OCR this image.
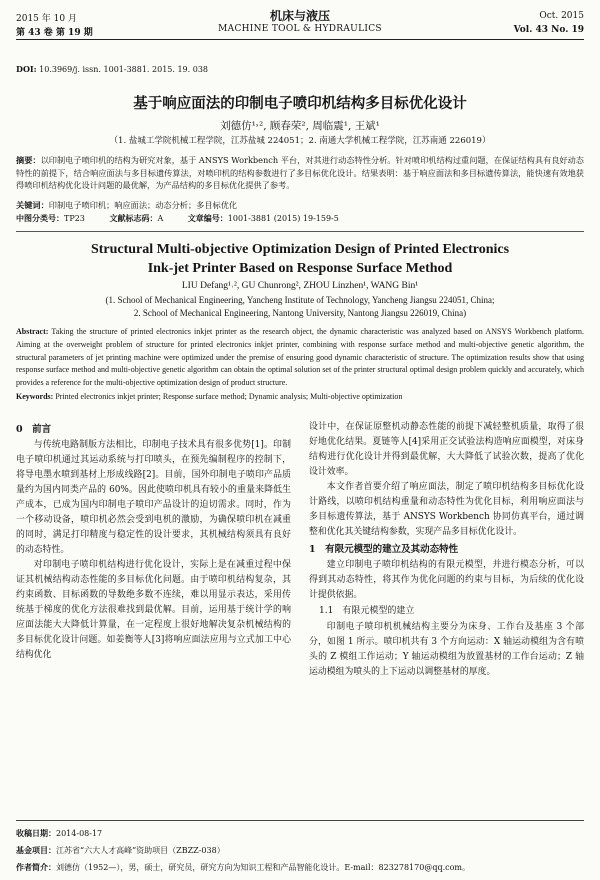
2015 年 10 月
第 43 卷 第 19 期
机床与液压
MACHINE TOOL & HYDRAULICS
Oct. 2015
Vol. 43 No. 19
DOI: 10.3969/j. issn. 1001-3881. 2015. 19. 038
基于响应面法的印制电子喷印机结构多目标优化设计
刘德仿¹˒², 顾春荣², 周临震¹, 王斌¹
（1. 盐城工学院机械工程学院，江苏盐城 224051；2. 南通大学机械工程学院，江苏南通 226019）
摘要：以印制电子喷印机的结构为研究对象，基于 ANSYS Workbench 平台，对其进行动态特性分析。针对喷印机结构过重问题，在保证结构具有良好动态特性的前提下，结合响应面法与多目标遗传算法，对喷印机的结构参数进行了多目标优化设计。结果表明：基于响应面法和多目标遗传算法，能快速有效地获得喷印机结构优化设计问题的最优解，为产品结构的多目标优化提供了参考。
关键词：印制电子喷印机；响应面法；动态分析；多目标优化
中图分类号：TP23	文献标志码：A	文章编号：1001-3881 (2015) 19-159-5
Structural Multi-objective Optimization Design of Printed Electronics
Ink-jet Printer Based on Response Surface Method
LIU Defang¹˒², GU Chunrong², ZHOU Linzhen¹, WANG Bin¹
(1. School of Mechanical Engineering, Yancheng Institute of Technology, Yancheng Jiangsu 224051, China;
2. School of Mechanical Engineering, Nantong University, Nantong Jiangsu 226019, China)
Abstract: Taking the structure of printed electronics inkjet printer as the research object, the dynamic characteristic was analyzed based on ANSYS Workbench platform. Aiming at the overweight problem of structure for printed electronics inkjet printer, combining with response surface method and multi-objective genetic algorithm, the structural parameters of jet printing machine were optimized under the premise of ensuring good dynamic characteristic of structure. The optimization results show that using response surface method and multi-objective genetic algorithm can obtain the optimal solution set of the printer structural optimal design problem quickly and accurately, which provides a reference for the multi-objective optimization design of product structure.
Keywords: Printed electronics inkjet printer; Response surface method; Dynamic analysis; Multi-objective optimization
0　前言

与传统电路制版方法相比，印制电子技术具有很多优势[1]。印制电子喷印机通过其运动系统与打印喷头，在预先编制程序的控制下，将导电墨水喷到基材上形成线路[2]。目前，国外印制电子喷印产品质量约为国内同类产品的 60%。因此使喷印机具有较小的重量来降低生产成本，已成为国内印制电子喷印产品设计的迫切需求。同时，作为一个移动设备，喷印机必然会受到电机的激励，为确保喷印机在减重的同时，满足打印精度与稳定性的设计要求，其机械结构须具有良好的动态特性。

对印制电子喷印机结构进行优化设计，实际上是在减重过程中保证其机械结构动态性能的多目标优化问题。由于喷印机结构复杂，其约束函数、目标函数的导数绝多数不连续，难以用显示表达，采用传统基于梯度的优化方法很难找到最优解。目前，运用基于统计学的响应面法能大大降低计算量，在一定程度上很好地解决复杂机械结构的多目标优化设计问题。如姜衡等人[3]将响应面法应用与立式加工中心结构优化

设计中，在保证原整机动静态性能的前提下减轻整机质量，取得了很好地优化结果。夏链等人[4]采用正交试验法构造响应面模型，对床身结构进行优化设计并得到最优解，大大降低了试验次数，提高了优化设计效率。

本文作者首要介绍了响应面法，制定了喷印机结构多目标优化设计路线，以喷印机结构重量和动态特性为优化目标，利用响应面法与多目标遗传算法，基于 ANSYS Workbench 协同仿真平台，通过调整和优化其关键结构参数，实现产品多目标优化设计。

1　有限元模型的建立及其动态特性

建立印制电子喷印机结构的有限元模型，并进行模态分析，可以得到其动态特性，将其作为优化问题的约束与目标，为后续的优化设计提供依据。

1.1　有限元模型的建立

印制电子喷印机机械结构主要分为床身、工作台及基座 3 个部分，如图 1 所示。喷印机共有 3 个方向运动：X 轴运动模组为含有喷头的 Z 模组工作运动；Y 轴运动模组为放置基材的工作台运动；Z 轴运动模组为喷头的上下运动以调整基材的厚度。

收稿日期：2014-08-17
基金项目：江苏省“六大人才高峰”资助项目（ZBZZ-038）
作者简介：刘德仿（1952—），男，硕士，研究员，研究方向为知识工程和产品智能化设计。E-mail：823278170@qq.com。
